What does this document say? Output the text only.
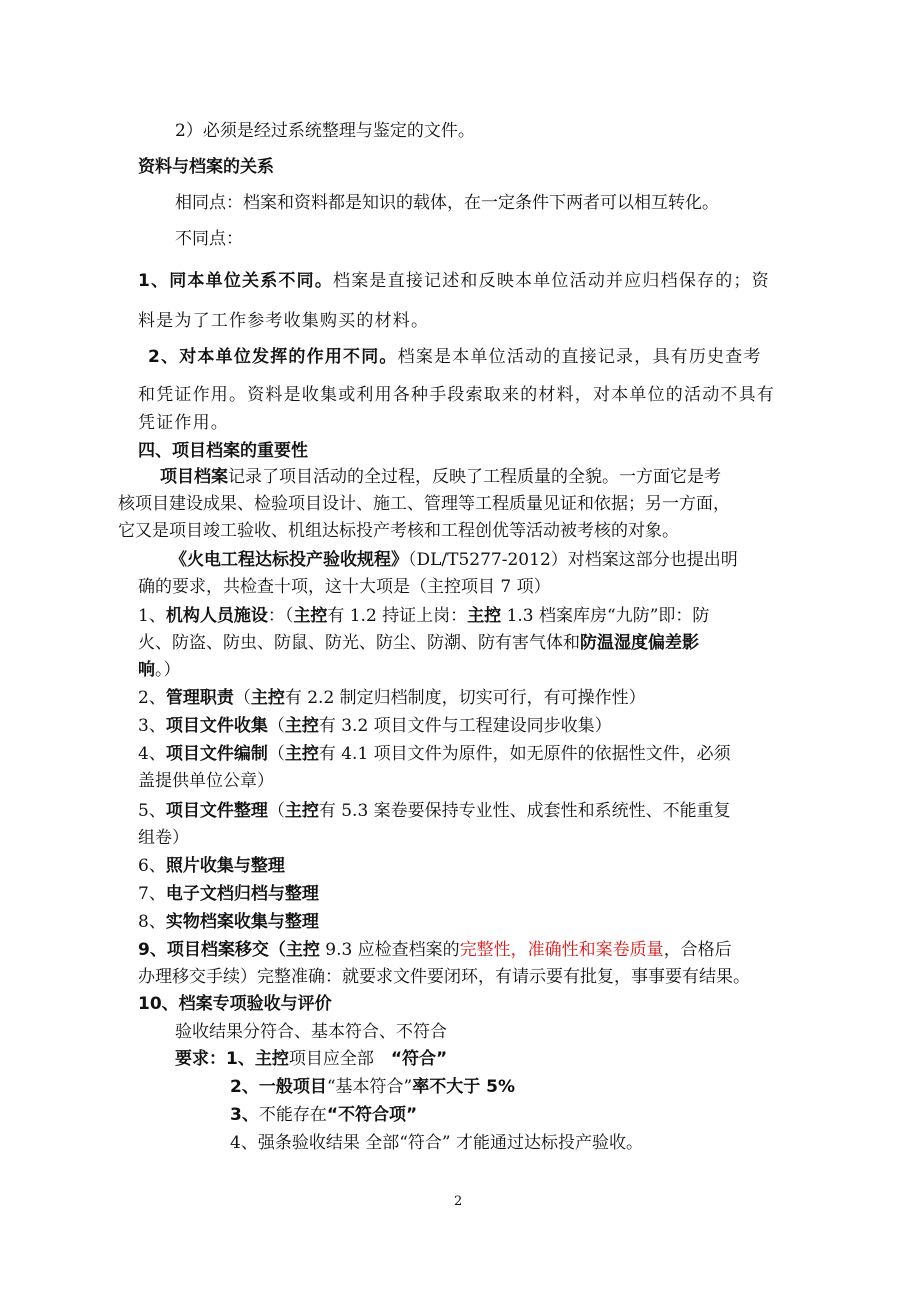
2）必须是经过系统整理与鉴定的文件。
资料与档案的关系
相同点：档案和资料都是知识的载体，在一定条件下两者可以相互转化。
不同点：
1、同本单位关系不同。档案是直接记述和反映本单位活动并应归档保存的；资
料是为了工作参考收集购买的材料。
2、对本单位发挥的作用不同。档案是本单位活动的直接记录，具有历史查考
和凭证作用。资料是收集或利用各种手段索取来的材料，对本单位的活动不具有
凭证作用。
四、项目档案的重要性
项目档案记录了项目活动的全过程，反映了工程质量的全貌。一方面它是考
核项目建设成果、检验项目设计、施工、管理等工程质量见证和依据；另一方面，
它又是项目竣工验收、机组达标投产考核和工程创优等活动被考核的对象。
《火电工程达标投产验收规程》（DL/T5277-2012）对档案这部分也提出明
确的要求，共检查十项，这十大项是（主控项目 7 项）
1、机构人员施设：（主控有 1.2 持证上岗：主控 1.3 档案库房“九防”即：防
火、防盗、防虫、防鼠、防光、防尘、防潮、防有害气体和防温湿度偏差影
响。）
2、管理职责（主控有 2.2 制定归档制度，切实可行，有可操作性）
3、项目文件收集（主控有 3.2 项目文件与工程建设同步收集）
4、项目文件编制（主控有 4.1 项目文件为原件，如无原件的依据性文件，必须
盖提供单位公章）
5、项目文件整理（主控有 5.3 案卷要保持专业性、成套性和系统性、不能重复
组卷）
6、照片收集与整理
7、电子文档归档与整理
8、实物档案收集与整理
9、项目档案移交（主控 9.3 应检查档案的完整性，准确性和案卷质量，合格后
办理移交手续）完整准确：就要求文件要闭环，有请示要有批复，事事要有结果。
10、档案专项验收与评价
验收结果分符合、基本符合、不符合
要求：1、主控项目应全部　“符合”
2、一般项目“基本符合”率不大于 5%
3、不能存在“不符合项”
4、强条验收结果 全部“符合” 才能通过达标投产验收。
2
